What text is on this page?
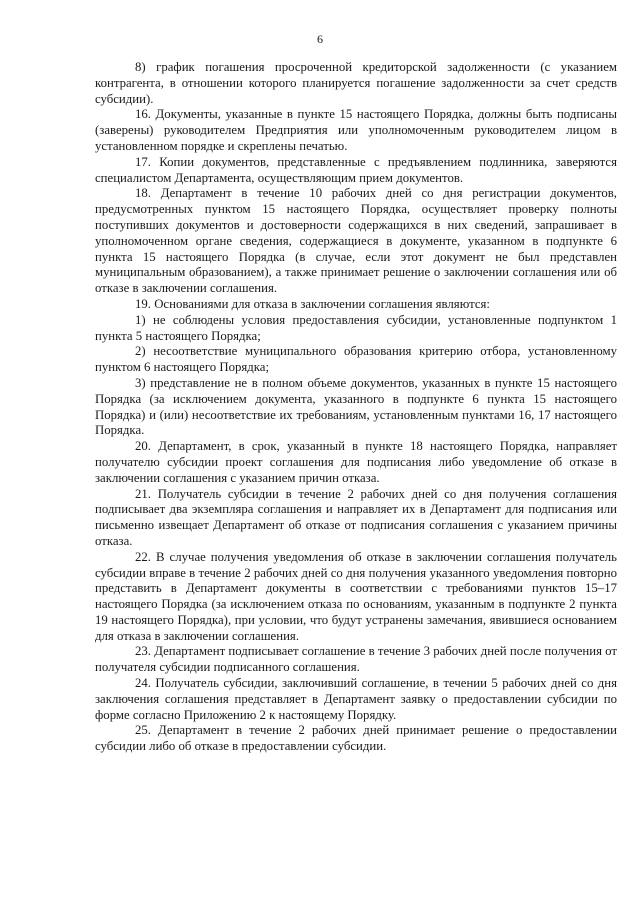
6

8) график погашения просроченной кредиторской задолженности (с указанием контрагента, в отношении которого планируется погашение задолженности за счет средств субсидии).

16. Документы, указанные в пункте 15 настоящего Порядка, должны быть подписаны (заверены) руководителем Предприятия или уполномоченным руководителем лицом в установленном порядке и скреплены печатью.

17. Копии документов, представленные с предъявлением подлинника, заверяются специалистом Департамента, осуществляющим прием документов.

18. Департамент в течение 10 рабочих дней со дня регистрации документов, предусмотренных пунктом 15 настоящего Порядка, осуществляет проверку полноты поступивших документов и достоверности содержащихся в них сведений, запрашивает в уполномоченном органе сведения, содержащиеся в документе, указанном в подпункте 6 пункта 15 настоящего Порядка (в случае, если этот документ не был представлен муниципальным образованием), а также принимает решение о заключении соглашения или об отказе в заключении соглашения.

19. Основаниями для отказа в заключении соглашения являются:

1) не соблюдены условия предоставления субсидии, установленные подпунктом 1 пункта 5 настоящего Порядка;

2) несоответствие муниципального образования критерию отбора, установленному пунктом 6 настоящего Порядка;

3) представление не в полном объеме документов, указанных в пункте 15 настоящего Порядка (за исключением документа, указанного в подпункте 6 пункта 15 настоящего Порядка) и (или) несоответствие их требованиям, установленным пунктами 16, 17 настоящего Порядка.

20. Департамент, в срок, указанный в пункте 18 настоящего Порядка, направляет получателю субсидии проект соглашения для подписания либо уведомление об отказе в заключении соглашения с указанием причин отказа.

21. Получатель субсидии в течение 2 рабочих дней со дня получения соглашения подписывает два экземпляра соглашения и направляет их в Департамент для подписания или письменно извещает Департамент об отказе от подписания соглашения с указанием причины отказа.

22. В случае получения уведомления об отказе в заключении соглашения получатель субсидии вправе в течение 2 рабочих дней со дня получения указанного уведомления повторно представить в Департамент документы в соответствии с требованиями пунктов 15–17 настоящего Порядка (за исключением отказа по основаниям, указанным в подпункте 2 пункта 19 настоящего Порядка), при условии, что будут устранены замечания, явившиеся основанием для отказа в заключении соглашения.

23. Департамент подписывает соглашение в течение 3 рабочих дней после получения от получателя субсидии подписанного соглашения.

24. Получатель субсидии, заключивший соглашение, в течении 5 рабочих дней со дня заключения соглашения представляет в Департамент заявку о предоставлении субсидии по форме согласно Приложению 2 к настоящему Порядку.

25. Департамент в течение 2 рабочих дней принимает решение о предоставлении субсидии либо об отказе в предоставлении субсидии.
